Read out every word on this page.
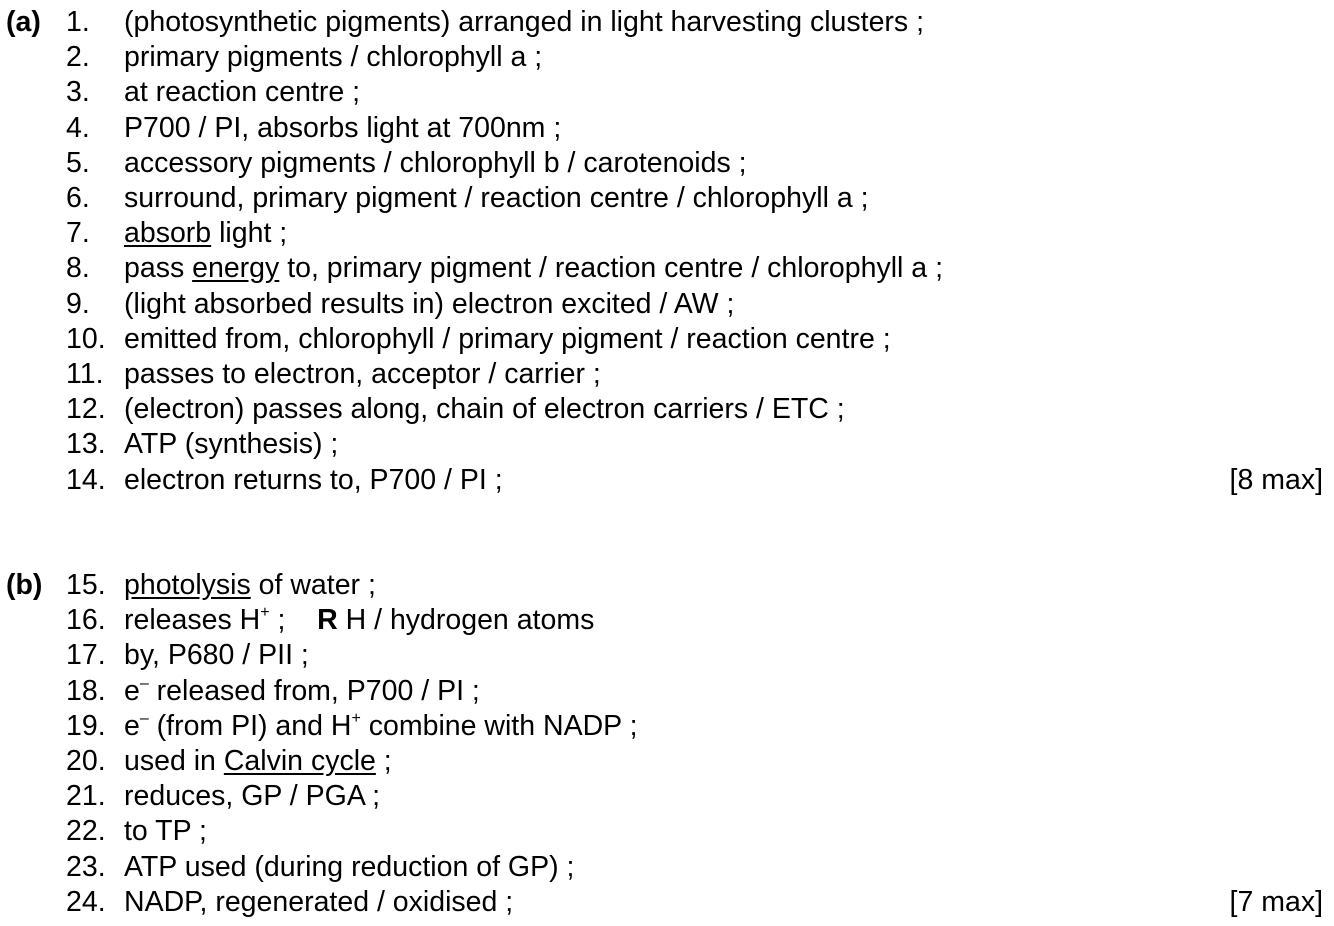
(a) 1. (photosynthetic pigments) arranged in light harvesting clusters ;
2. primary pigments / chlorophyll a ;
3. at reaction centre ;
4. P700 / PI, absorbs light at 700nm ;
5. accessory pigments / chlorophyll b / carotenoids ;
6. surround, primary pigment / reaction centre / chlorophyll a ;
7. absorb light ;
8. pass energy to, primary pigment / reaction centre / chlorophyll a ;
9. (light absorbed results in) electron excited / AW ;
10. emitted from, chlorophyll / primary pigment / reaction centre ;
11. passes to electron, acceptor / carrier ;
12. (electron) passes along, chain of electron carriers / ETC ;
13. ATP (synthesis) ;
14. electron returns to, P700 / PI ;	[8 max]
(b) 15. photolysis of water ;
16. releases H+ ;    R H / hydrogen atoms
17. by, P680 / PII ;
18. e– released from, P700 / PI ;
19. e– (from PI) and H+ combine with NADP ;
20. used in Calvin cycle ;
21. reduces, GP / PGA ;
22. to TP ;
23. ATP used (during reduction of GP) ;
24. NADP, regenerated / oxidised ;	[7 max]
